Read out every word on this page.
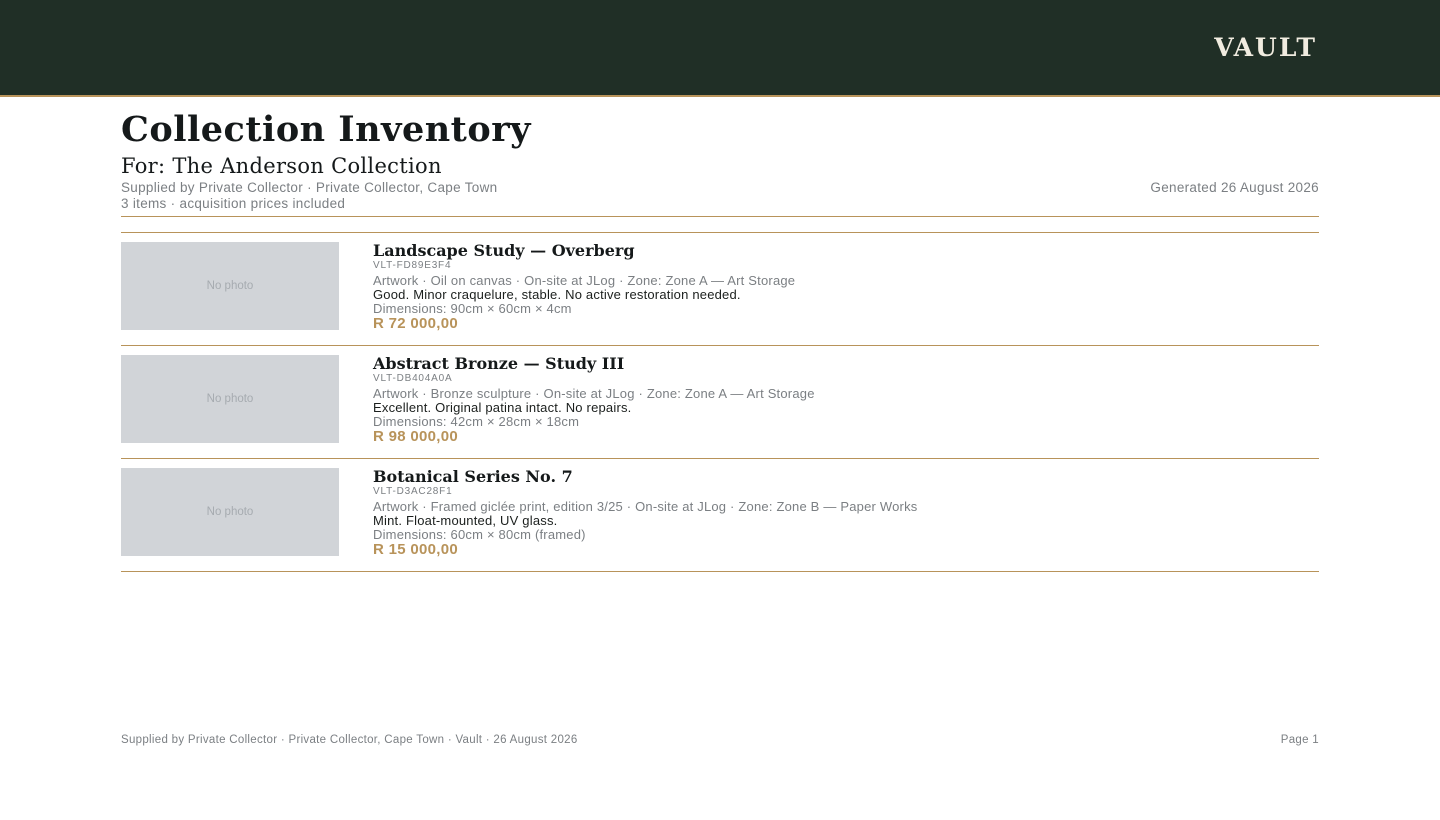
VAULT
Collection Inventory
For: The Anderson Collection
Supplied by Private Collector · Private Collector, Cape Town	Generated 26 August 2026
3 items · acquisition prices included
No photo
Landscape Study — Overberg
VLT-FD89E3F4
Artwork · Oil on canvas · On-site at JLog · Zone: Zone A — Art Storage
Good. Minor craquelure, stable. No active restoration needed.
Dimensions: 90cm × 60cm × 4cm
R 72 000,00
No photo
Abstract Bronze — Study III
VLT-DB404A0A
Artwork · Bronze sculpture · On-site at JLog · Zone: Zone A — Art Storage
Excellent. Original patina intact. No repairs.
Dimensions: 42cm × 28cm × 18cm
R 98 000,00
No photo
Botanical Series No. 7
VLT-D3AC28F1
Artwork · Framed giclée print, edition 3/25 · On-site at JLog · Zone: Zone B — Paper Works
Mint. Float-mounted, UV glass.
Dimensions: 60cm × 80cm (framed)
R 15 000,00
Supplied by Private Collector · Private Collector, Cape Town · Vault · 26 August 2026	Page 1
